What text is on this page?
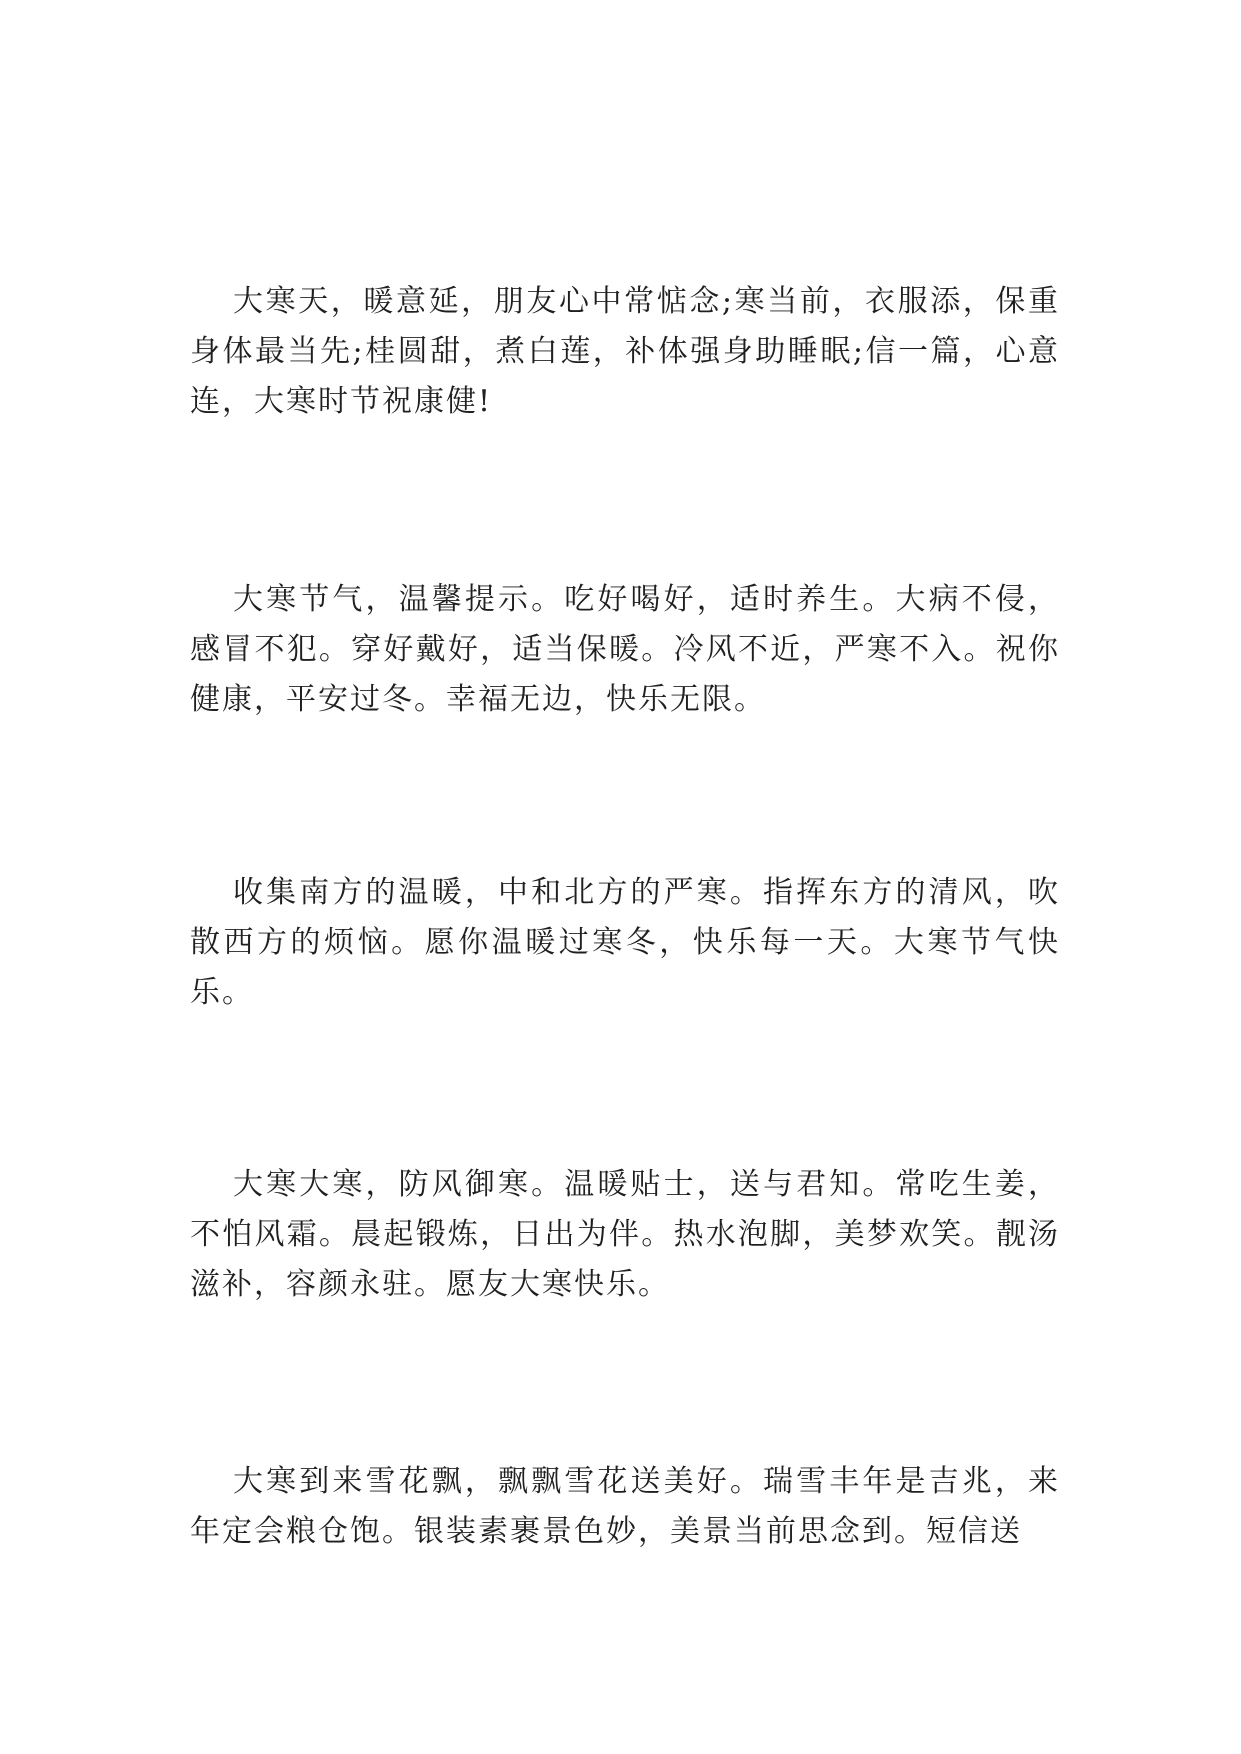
大寒天，暖意延，朋友心中常惦念;寒当前，衣服添，保重身体最当先;桂圆甜，煮白莲，补体强身助睡眠;信一篇，心意连，大寒时节祝康健!

大寒节气，温馨提示。吃好喝好，适时养生。大病不侵，感冒不犯。穿好戴好，适当保暖。冷风不近，严寒不入。祝你健康，平安过冬。幸福无边，快乐无限。

收集南方的温暖，中和北方的严寒。指挥东方的清风，吹散西方的烦恼。愿你温暖过寒冬，快乐每一天。大寒节气快乐。

大寒大寒，防风御寒。温暖贴士，送与君知。常吃生姜，不怕风霜。晨起锻炼，日出为伴。热水泡脚，美梦欢笑。靓汤滋补，容颜永驻。愿友大寒快乐。

大寒到来雪花飘，飘飘雪花送美好。瑞雪丰年是吉兆，来年定会粮仓饱。银装素裹景色妙，美景当前思念到。短信送
